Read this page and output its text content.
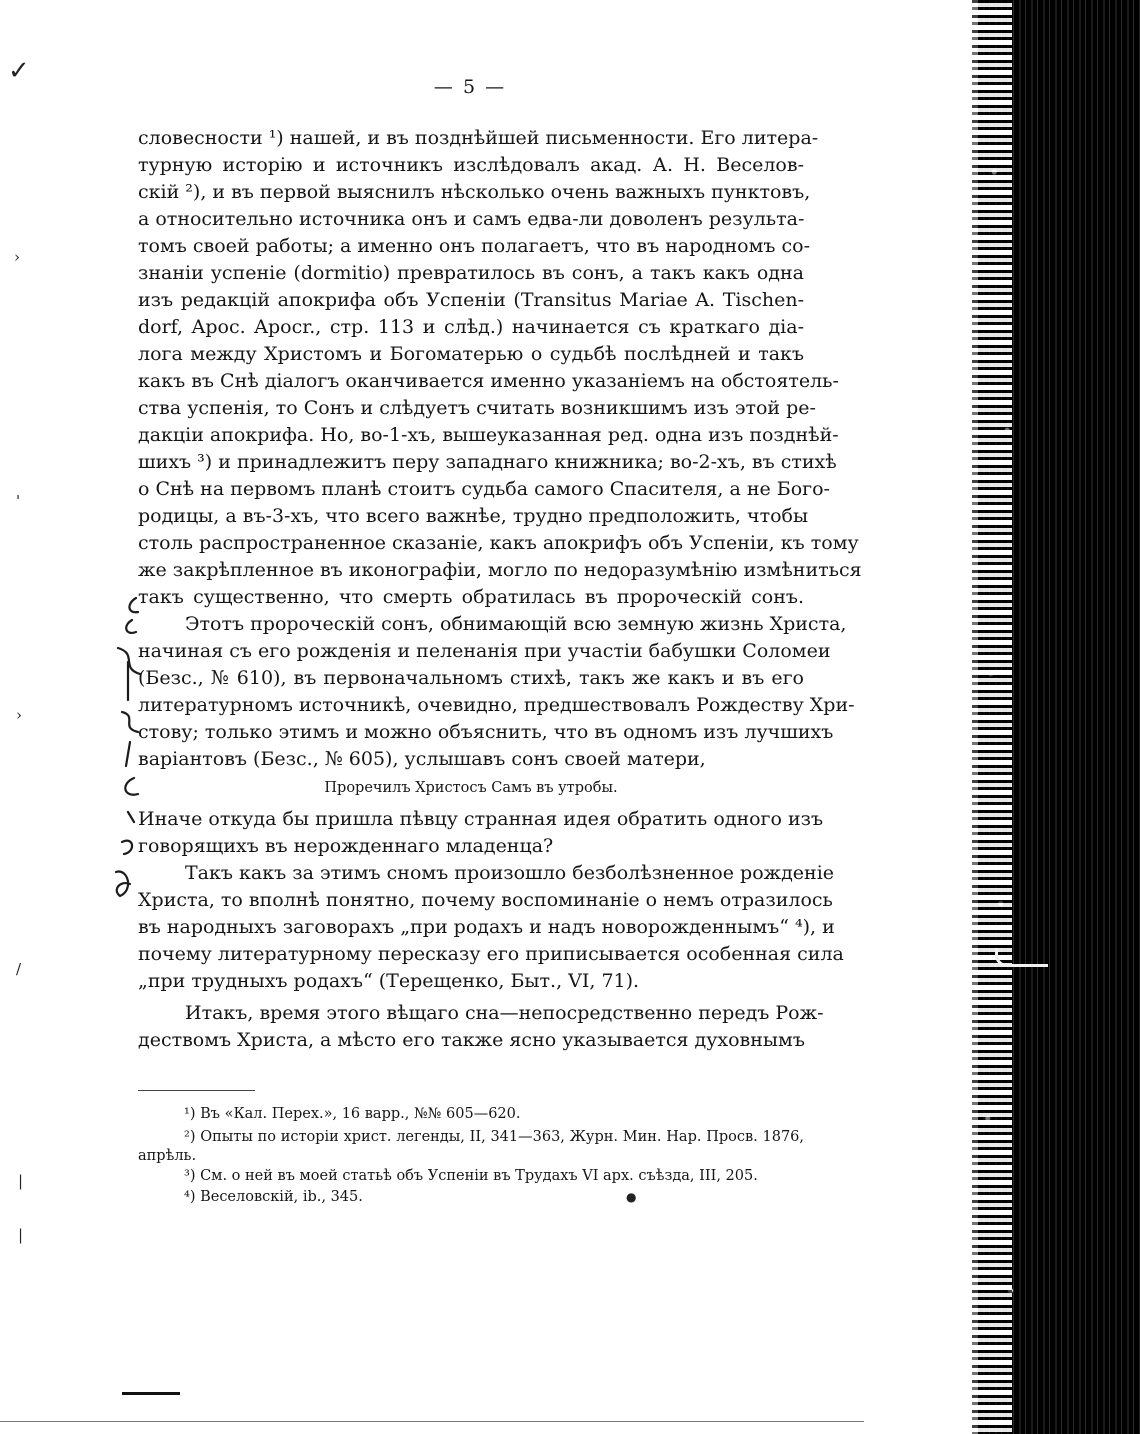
✓
›
'
›
/
|
|
— 5 —
словесности ¹) нашей, и въ позднѣйшей письменности. Его литера-
турную исторію и источникъ изслѣдовалъ акад. А. Н. Веселов-
скій ²), и въ первой выяснилъ нѣсколько очень важныхъ пунктовъ,
а относительно источника онъ и самъ едва-ли доволенъ результа-
томъ своей работы; а именно онъ полагаетъ, что въ народномъ со-
знаніи успеніе (dormitio) превратилось въ сонъ, а такъ какъ одна
изъ редакцій апокрифа объ Успеніи (Transitus Mariae A. Tischen-
dorf, Apoc. Apocr., стр. 113 и слѣд.) начинается съ краткаго діа-
лога между Христомъ и Богоматерью о судьбѣ послѣдней и такъ
какъ въ Снѣ діалогъ оканчивается именно указаніемъ на обстоятель-
ства успенія, то Сонъ и слѣдуетъ считать возникшимъ изъ этой ре-
дакціи апокрифа. Но, во-1-хъ, вышеуказанная ред. одна изъ позднѣй-
шихъ ³) и принадлежитъ перу западнаго книжника; во-2-хъ, въ стихѣ
о Снѣ на первомъ планѣ стоитъ судьба самого Спасителя, а не Бого-
родицы, а въ-3-хъ, что всего важнѣе, трудно предположить, чтобы
столь распространенное сказаніе, какъ апокрифъ объ Успеніи, къ тому
же закрѣпленное въ иконографіи, могло по недоразумѣнію измѣниться
такъ существенно, что смерть обратилась въ пророческій сонъ.
Этотъ пророческій сонъ, обнимающій всю земную жизнь Христа,
начиная съ его рожденія и пеленанія при участіи бабушки Соломеи
(Безс., № 610), въ первоначальномъ стихѣ, такъ же какъ и въ его
литературномъ источникѣ, очевидно, предшествовалъ Рождеству Хри-
стову; только этимъ и можно объяснить, что въ одномъ изъ лучшихъ
варіантовъ (Безс., № 605), услышавъ сонъ своей матери,
Прорeчилъ Христосъ Самъ въ утробы.
Иначе откуда бы пришла пѣвцу странная идея обратить одного изъ
говорящихъ въ нерожденнаго младенца?
Такъ какъ за этимъ сномъ произошло безболѣзненное рожденіе
Христа, то вполнѣ понятно, почему воспоминаніе о немъ отразилось
въ народныхъ заговорахъ „при родахъ и надъ новорожденнымъ“ ⁴), и
почему литературному пересказу его приписывается особенная сила
„при трудныхъ родахъ“ (Терещенко, Быт., VI, 71).
Итакъ, время этого вѣщаго сна—непосредственно передъ Рож-
дествомъ Христа, а мѣсто его также ясно указывается духовнымъ
¹) Въ «Кал. Перех.», 16 варр., №№ 605—620.
²) Опыты по исторіи христ. легенды, II, 341—363, Журн. Мин. Нар. Просв. 1876,
апрѣль.
³) См. о ней въ моей статьѣ объ Успеніи въ Трудахъ VI арх. съѣзда, III, 205.
⁴) Веселовскій, ib., 345.	●
